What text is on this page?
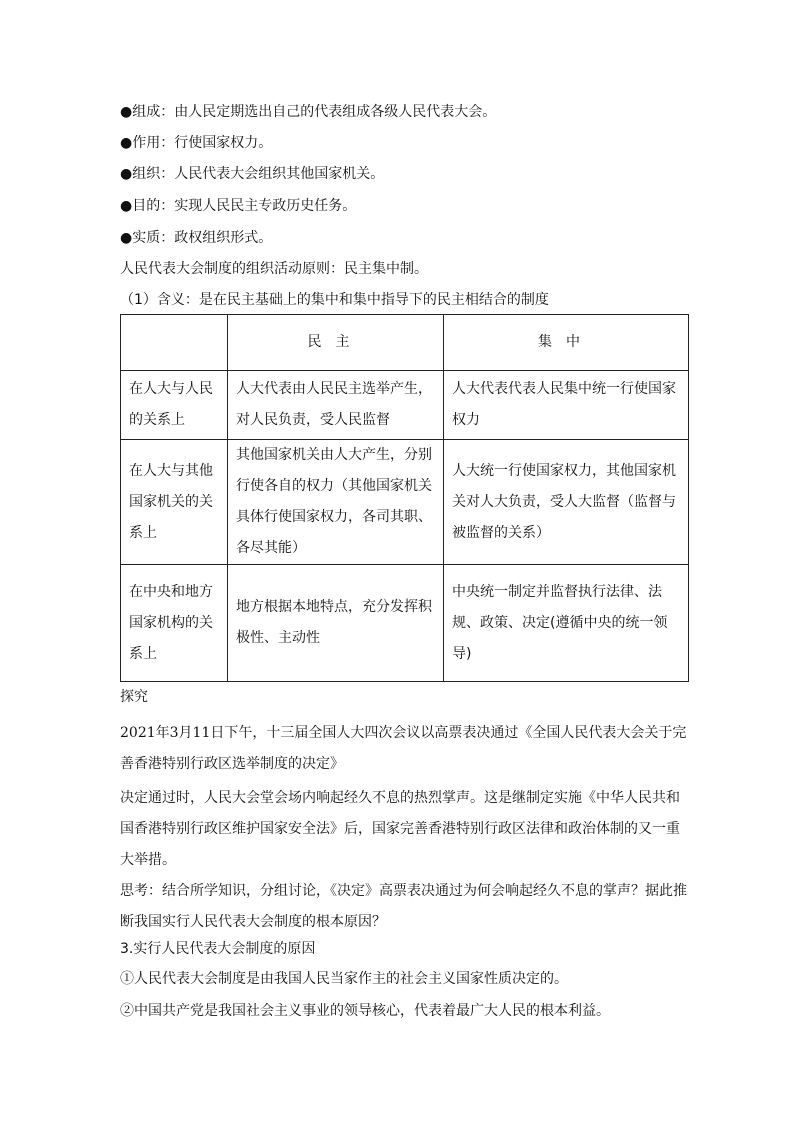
●组成：由人民定期选出自己的代表组成各级人民代表大会。
●作用：行使国家权力。
●组织：人民代表大会组织其他国家机关。
●目的：实现人民民主专政历史任务。
●实质：政权组织形式。
人民代表大会制度的组织活动原则：民主集中制。
（1）含义：是在民主基础上的集中和集中指导下的民主相结合的制度
	民主	集中
在人大与人民的关系上	人大代表由人民民主选举产生，对人民负责，受人民监督	人大代表代表人民集中统一行使国家权力
在人大与其他国家机关的关系上	其他国家机关由人大产生，分别行使各自的权力（其他国家机关具体行使国家权力，各司其职、各尽其能）	人大统一行使国家权力，其他国家机关对人大负责，受人大监督（监督与被监督的关系）
在中央和地方国家机构的关系上	地方根据本地特点，充分发挥积极性、主动性	中央统一制定并监督执行法律、法规、政策、决定(遵循中央的统一领导)
探究
2021年3月11日下午，十三届全国人大四次会议以高票表决通过《全国人民代表大会关于完善香港特别行政区选举制度的决定》
决定通过时，人民大会堂会场内响起经久不息的热烈掌声。这是继制定实施《中华人民共和国香港特别行政区维护国家安全法》后，国家完善香港特别行政区法律和政治体制的又一重大举措。
思考：结合所学知识，分组讨论，《决定》高票表决通过为何会响起经久不息的掌声？据此推断我国实行人民代表大会制度的根本原因？
3.实行人民代表大会制度的原因
①人民代表大会制度是由我国人民当家作主的社会主义国家性质决定的。
②中国共产党是我国社会主义事业的领导核心，代表着最广大人民的根本利益。
